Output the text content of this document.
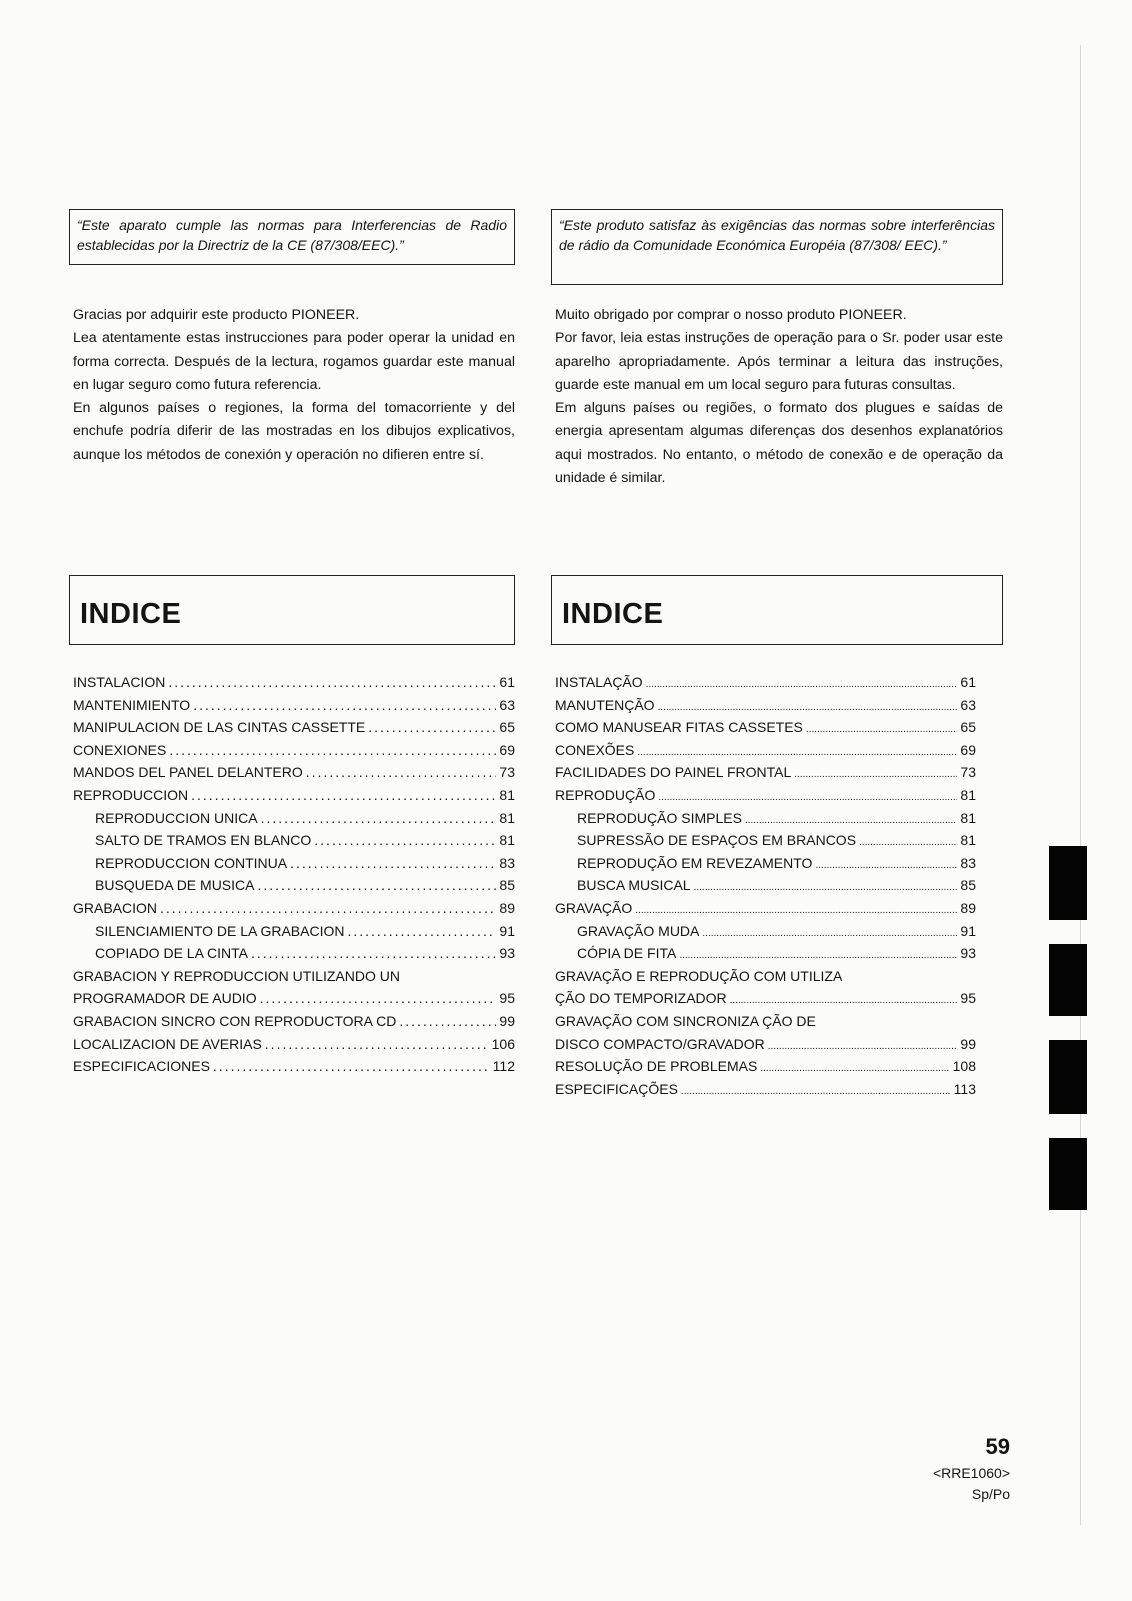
“Este aparato cumple las normas para Interferencias de Radio establecidas por la Directriz de la CE (87/308/EEC).”

Gracias por adquirir este producto PIONEER.

Lea atentamente estas instrucciones para poder operar la unidad en forma correcta. Después de la lectura, rogamos guardar este manual en lugar seguro como futura referencia.

En algunos países o regiones, la forma del tomacorriente y del enchufe podría diferir de las mostradas en los dibujos explicativos, aunque los métodos de conexión y operación no difieren entre sí.

INDICE
INSTALACION .....	61
MANTENIMIENTO .....	63
MANIPULACION DE LAS CINTAS CASSETTE .....	65
CONEXIONES .....	69
MANDOS DEL PANEL DELANTERO .....	73
REPRODUCCION .....	81
REPRODUCCION UNICA .....	81
SALTO DE TRAMOS EN BLANCO .....	81
REPRODUCCION CONTINUA .....	83
BUSQUEDA DE MUSICA .....	85
GRABACION .....	89
SILENCIAMIENTO DE LA GRABACION .....	91
COPIADO DE LA CINTA .....	93
GRABACION Y REPRODUCCION UTILIZANDO UN
PROGRAMADOR DE AUDIO .....	95
GRABACION SINCRO CON REPRODUCTORA CD .....	99
LOCALIZACION DE AVERIAS .....	106
ESPECIFICACIONES .....	112
“Este produto satisfaz às exigências das normas sobre interferências de rádio da Comunidade Económica Européia (87/308/ EEC).”

Muito obrigado por comprar o nosso produto PIONEER.

Por favor, leia estas instruções de operação para o Sr. poder usar este aparelho apropriadamente. Após terminar a leitura das instruções, guarde este manual em um local seguro para futuras consultas.

Em alguns países ou regiões, o formato dos plugues e saídas de energia apresentam algumas diferenças dos desenhos explanatórios aqui mostrados. No entanto, o método de conexão e de operação da unidade é similar.

INDICE
INSTALAÇÃO .....	61
MANUTENÇÃO .....	63
COMO MANUSEAR FITAS CASSETES .....	65
CONEXÕES .....	69
FACILIDADES DO PAINEL FRONTAL .....	73
REPRODUÇÃO .....	81
REPRODUÇÃO SIMPLES .....	81
SUPRESSÃO DE ESPAÇOS EM BRANCOS .....	81
REPRODUÇÃO EM REVEZAMENTO .....	83
BUSCA MUSICAL .....	85
GRAVAÇÃO .....	89
GRAVAÇÃO MUDA .....	91
CÓPIA DE FITA .....	93
GRAVAÇÃO E REPRODUÇÃO COM UTILIZA
ÇÃO DO TEMPORIZADOR .....	95
GRAVAÇÃO COM SINCRONIZA ÇÃO DE
DISCO COMPACTO/GRAVADOR .....	99
RESOLUÇÃO DE PROBLEMAS .....	108
ESPECIFICAÇÕES .....	113
59
<RRE1060>
Sp/Po
